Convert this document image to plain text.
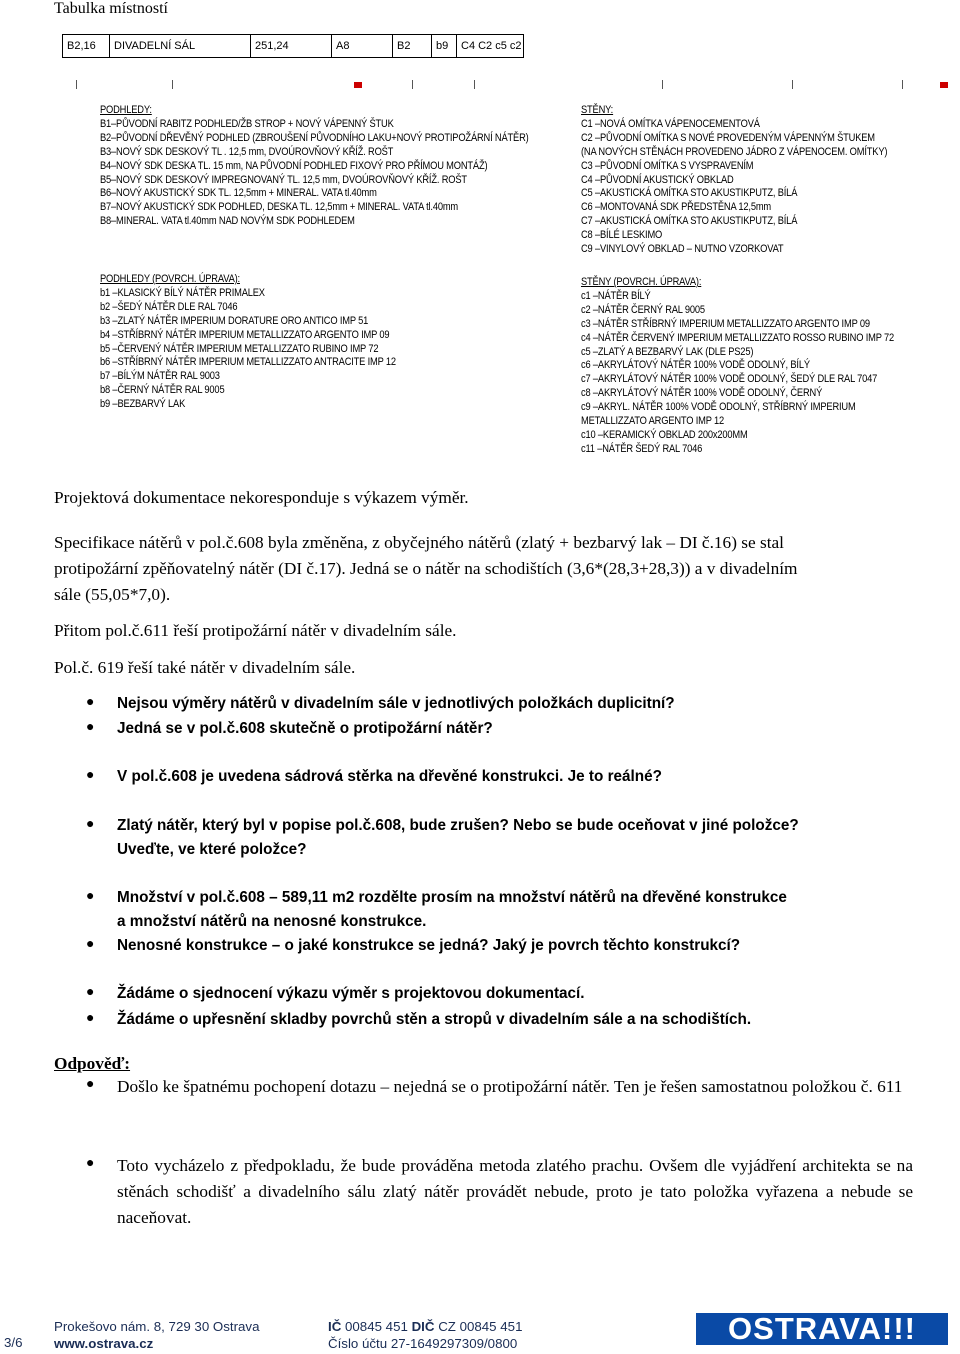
Tabulka místností
B2,16	DIVADELNÍ SÁL	251,24	A8	B2	b9	C4 C2 c5 c2
PODHLEDY:
B1–PŮVODNÍ RABITZ PODHLED/ŽB STROP + NOVÝ VÁPENNÝ ŠTUK
B2–PŮVODNÍ DŘEVĚNÝ PODHLED (ZBROUŠENÍ PŮVODNÍHO LAKU+NOVÝ PROTIPOŽÁRNÍ NÁTĚR)
B3–NOVÝ SDK DESKOVÝ TL . 12,5 mm, DVOÚROVŇOVÝ KŘÍŽ. ROŠT
B4–NOVÝ SDK DESKA TL. 15 mm, NA PŮVODNÍ PODHLED FIXOVÝ PRO PŘÍMOU MONTÁŽ)
B5–NOVÝ SDK DESKOVÝ IMPREGNOVANÝ TL. 12,5 mm, DVOÚROVŇOVÝ KŘÍŽ. ROŠT
B6–NOVÝ AKUSTICKÝ SDK TL. 12,5mm + MINERAL. VATA tl.40mm
B7–NOVÝ AKUSTICKÝ SDK PODHLED, DESKA TL. 12,5mm + MINERAL. VATA tl.40mm
B8–MINERAL. VATA tl.40mm NAD NOVÝM SDK PODHLEDEM
STĚNY:
C1 –NOVÁ OMÍTKA VÁPENOCEMENTOVÁ
C2 –PŮVODNÍ OMÍTKA S NOVÉ PROVEDENÝM VÁPENNÝM ŠTUKEM
(NA NOVÝCH STĚNÁCH PROVEDENO JÁDRO Z VÁPENOCEM. OMÍTKY)
C3 –PŮVODNÍ OMÍTKA S VYSPRAVENÍM
C4 –PŮVODNÍ AKUSTICKÝ OBKLAD
C5 –AKUSTICKÁ OMÍTKA STO AKUSTIKPUTZ, BÍLÁ
C6 –MONTOVANÁ SDK PŘEDSTĚNA 12,5mm
C7 –AKUSTICKÁ OMÍTKA STO AKUSTIKPUTZ, BÍLÁ
C8 –BÍLÉ LESKIMO
C9 –VINYLOVÝ OBKLAD – NUTNO VZORKOVAT
PODHLEDY (POVRCH. ÚPRAVA):
b1 –KLASICKÝ BÍLÝ NÁTĚR PRIMALEX
b2 –ŠEDÝ NÁTĚR DLE RAL 7046
b3 –ZLATÝ NÁTĚR IMPERIUM DORATURE ORO ANTICO IMP 51
b4 –STŘÍBRNÝ NÁTĚR IMPERIUM METALLIZZATO ARGENTO IMP 09
b5 –ČERVENÝ NÁTĚR IMPERIUM METALLIZZATO RUBINO IMP 72
b6 –STŘÍBRNÝ NÁTĚR IMPERIUM METALLIZZATO ANTRACITE IMP 12
b7 –BÍLÝM NÁTĚR RAL 9003
b8 –ČERNÝ NÁTĚR RAL 9005
b9 –BEZBARVÝ LAK
STĚNY (POVRCH. ÚPRAVA):
c1 –NÁTĚR BÍLÝ
c2 –NÁTĚR ČERNÝ RAL 9005
c3 –NÁTĚR STŘÍBRNÝ IMPERIUM METALLIZZATO ARGENTO IMP 09
c4 –NÁTĚR ČERVENÝ IMPERIUM METALLIZZATO ROSSO RUBINO IMP 72
c5 –ZLATÝ A BEZBARVÝ LAK (DLE PS25)
c6 –AKRYLÁTOVÝ NÁTĚR 100% VODĚ ODOLNÝ, BÍLÝ
c7 –AKRYLÁTOVÝ NÁTĚR 100% VODĚ ODOLNÝ, ŠEDÝ DLE RAL 7047
c8 –AKRYLÁTOVÝ NÁTĚR 100% VODĚ ODOLNÝ, ČERNÝ
c9 –AKRYL. NÁTĚR 100% VODĚ ODOLNÝ, STŘÍBRNÝ IMPERIUM
METALLIZZATO ARGENTO IMP 12
c10 –KERAMICKÝ OBKLAD 200x200MM
c11 –NÁTĚR ŠEDÝ RAL 7046
Projektová dokumentace nekoresponduje s výkazem výměr.
Specifikace nátěrů v pol.č.608 byla změněna, z obyčejného nátěrů (zlatý + bezbarvý lak – DI č.16) se stal
protipožární zpěňovatelný nátěr (DI č.17). Jedná se o nátěr na schodištích (3,6*(28,3+28,3)) a v divadelním
sále (55,05*7,0).
Přitom pol.č.611 řeší protipožární nátěr v divadelním sále.
Pol.č. 619 řeší také nátěr v divadelním sále.
● Nejsou výměry nátěrů v divadelním sále v jednotlivých položkách duplicitní?
● Jedná se v pol.č.608 skutečně o protipožární nátěr?
● V pol.č.608 je uvedena sádrová stěrka na dřevěné konstrukci. Je to reálné?
● Zlatý nátěr, který byl v popise pol.č.608, bude zrušen? Nebo se bude oceňovat v jiné položce?
Uveďte, ve které položce?
● Množství v pol.č.608 – 589,11 m2 rozdělte prosím na množství nátěrů na dřevěné konstrukce
a množství nátěrů na nenosné konstrukce.
● Nenosné konstrukce – o jaké konstrukce se jedná? Jaký je povrch těchto konstrukcí?
● Žádáme o sjednocení výkazu výměr s projektovou dokumentací.
● Žádáme o upřesnění skladby povrchů stěn a stropů v divadelním sále a na schodištích.
Odpověď:
● Došlo ke špatnému pochopení dotazu – nejedná se o protipožární nátěr. Ten je řešen samostatnou položkou č. 611
● Toto vycházelo z předpokladu, že bude prováděna metoda zlatého prachu. Ovšem dle vyjádření architekta se na stěnách schodišť a divadelního sálu zlatý nátěr provádět nebude, proto je tato položka vyřazena a nebude se naceňovat.
3/6
Prokešovo nám. 8, 729 30 Ostrava
www.ostrava.cz
IČ 00845 451 DIČ CZ 00845 451
Číslo účtu 27-1649297309/0800	OSTRAVA!!!
